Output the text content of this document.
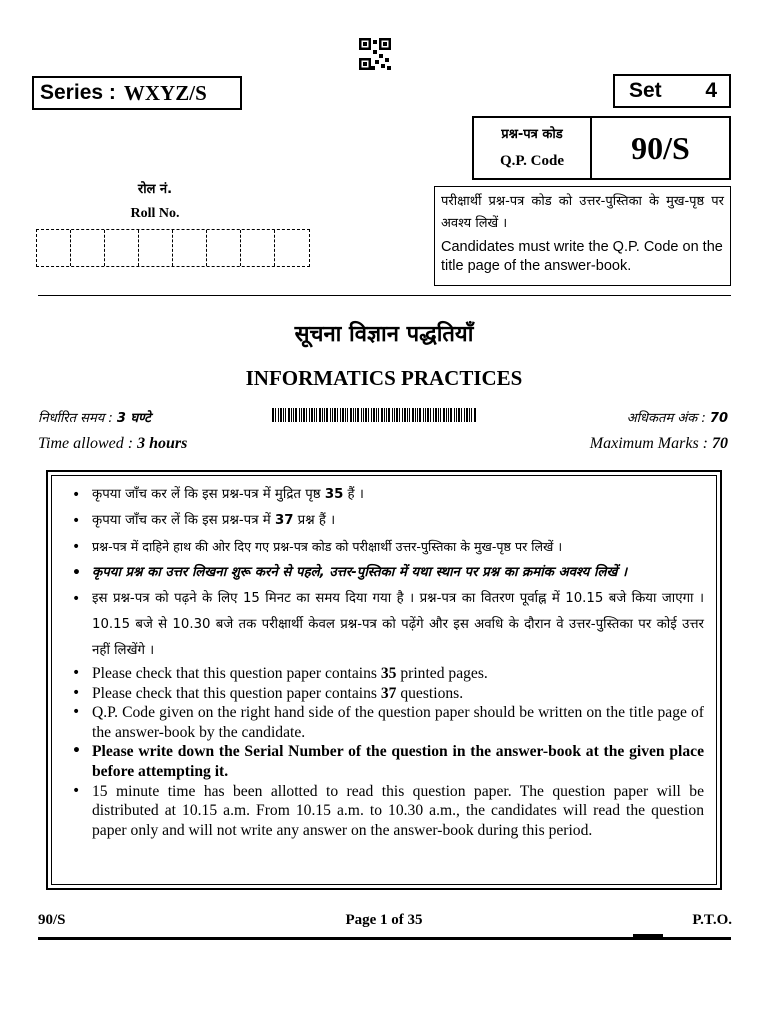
Series : WXYZ/S	Set 4
प्रश्न-पत्र कोड
Q.P. Code	90/S
रोल नं.
Roll No.
परीक्षार्थी प्रश्न-पत्र कोड को उत्तर-पुस्तिका के मुख-पृष्ठ पर अवश्य लिखें ।
Candidates must write the Q.P. Code on the title page of the answer-book.
सूचना विज्ञान पद्धतियाँ
INFORMATICS PRACTICES
निर्धारित समय : 3 घण्टे
Time allowed : 3 hours
अधिकतम अंक : 70
Maximum Marks : 70
• कृपया जाँच कर लें कि इस प्रश्न-पत्र में मुद्रित पृष्ठ 35 हैं ।
• कृपया जाँच कर लें कि इस प्रश्न-पत्र में 37 प्रश्न हैं ।
• प्रश्न-पत्र में दाहिने हाथ की ओर दिए गए प्रश्न-पत्र कोड को परीक्षार्थी उत्तर-पुस्तिका के मुख-पृष्ठ पर लिखें ।
• कृपया प्रश्न का उत्तर लिखना शुरू करने से पहले, उत्तर-पुस्तिका में यथा स्थान पर प्रश्न का क्रमांक अवश्य लिखें ।
• इस प्रश्न-पत्र को पढ़ने के लिए 15 मिनट का समय दिया गया है । प्रश्न-पत्र का वितरण पूर्वाह्न में 10.15 बजे किया जाएगा । 10.15 बजे से 10.30 बजे तक परीक्षार्थी केवल प्रश्न-पत्र को पढ़ेंगे और इस अवधि के दौरान वे उत्तर-पुस्तिका पर कोई उत्तर नहीं लिखेंगे ।
• Please check that this question paper contains 35 printed pages.
• Please check that this question paper contains 37 questions.
• Q.P. Code given on the right hand side of the question paper should be written on the title page of the answer-book by the candidate.
• Please write down the Serial Number of the question in the answer-book at the given place before attempting it.
• 15 minute time has been allotted to read this question paper. The question paper will be distributed at 10.15 a.m. From 10.15 a.m. to 10.30 a.m., the candidates will read the question paper only and will not write any answer on the answer-book during this period.
90/S	Page 1 of 35	P.T.O.
